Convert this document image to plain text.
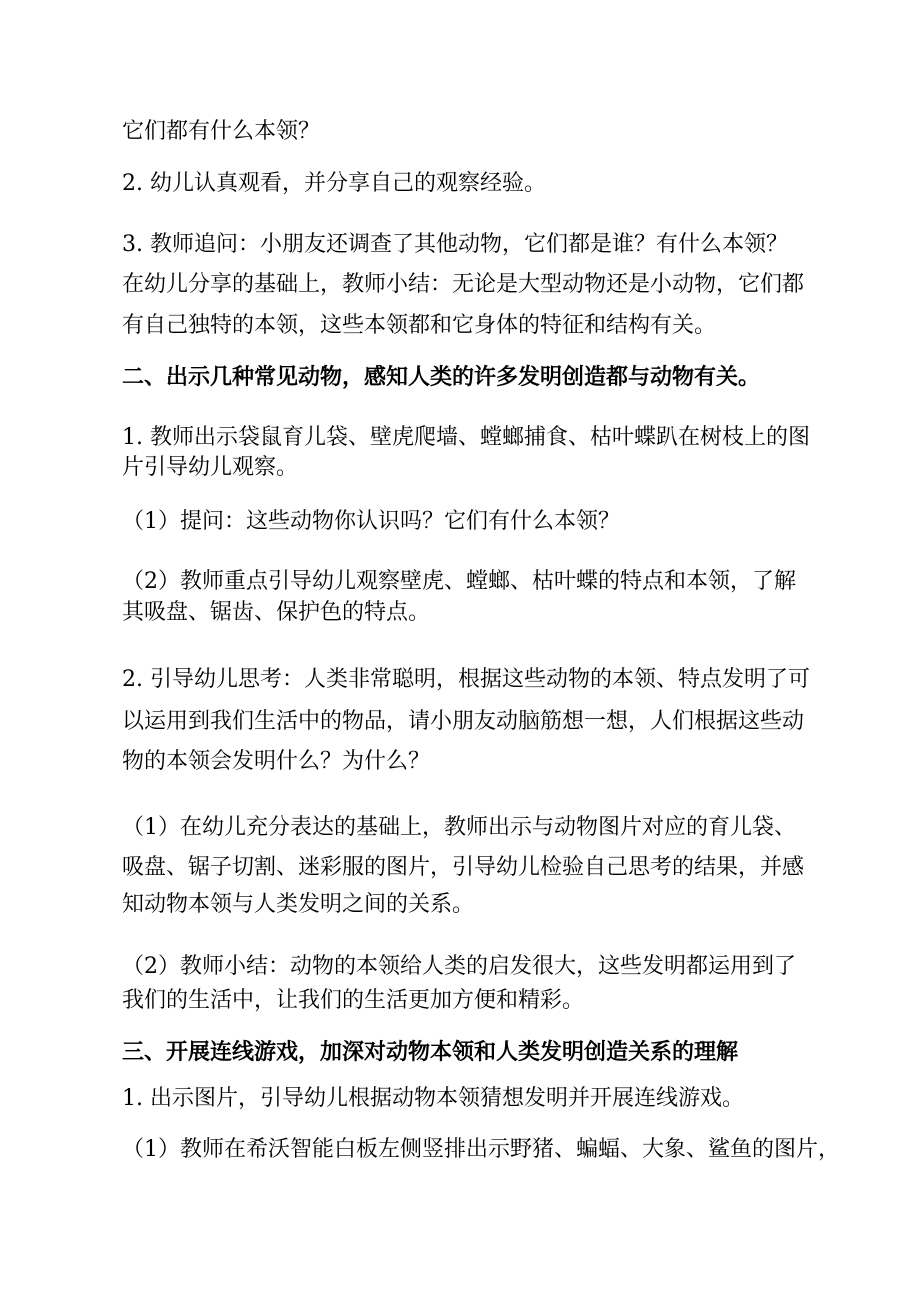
它们都有什么本领？
2. 幼儿认真观看，并分享自己的观察经验。
3. 教师追问：小朋友还调查了其他动物，它们都是谁？有什么本领？
在幼儿分享的基础上，教师小结：无论是大型动物还是小动物，它们都
有自己独特的本领，这些本领都和它身体的特征和结构有关。
二、出示几种常见动物，感知人类的许多发明创造都与动物有关。
1. 教师出示袋鼠育儿袋、壁虎爬墙、螳螂捕食、枯叶蝶趴在树枝上的图
片引导幼儿观察。
（1）提问：这些动物你认识吗？它们有什么本领？
（2）教师重点引导幼儿观察壁虎、螳螂、枯叶蝶的特点和本领，了解
其吸盘、锯齿、保护色的特点。
2. 引导幼儿思考：人类非常聪明，根据这些动物的本领、特点发明了可
以运用到我们生活中的物品，请小朋友动脑筋想一想，人们根据这些动
物的本领会发明什么？为什么？
（1）在幼儿充分表达的基础上，教师出示与动物图片对应的育儿袋、
吸盘、锯子切割、迷彩服的图片，引导幼儿检验自己思考的结果，并感
知动物本领与人类发明之间的关系。
（2）教师小结：动物的本领给人类的启发很大，这些发明都运用到了
我们的生活中，让我们的生活更加方便和精彩。
三、开展连线游戏，加深对动物本领和人类发明创造关系的理解
1. 出示图片，引导幼儿根据动物本领猜想发明并开展连线游戏。
（1）教师在希沃智能白板左侧竖排出示野猪、蝙蝠、大象、鲨鱼的图片，
